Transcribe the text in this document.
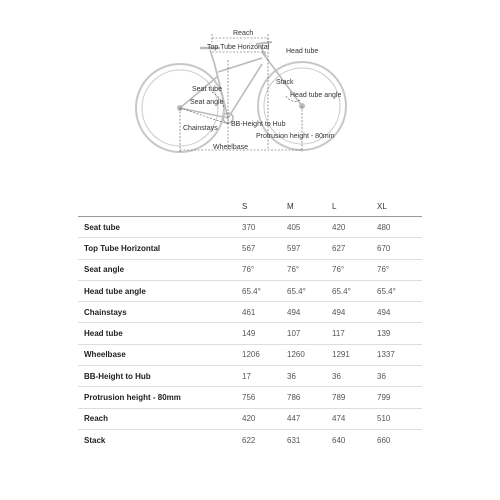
Reach
Top Tube Horizontal
Head tube
Stack
Seat tube
Seat angle
Head tube angle
Chainstays
BB-Height to Hub
Protrusion height - 80mm
Wheelbase
	S	M	L	XL
Seat tube	370	405	420	480
Top Tube Horizontal	567	597	627	670
Seat angle	76°	76°	76°	76°
Head tube angle	65.4°	65.4°	65.4°	65.4°
Chainstays	461	494	494	494
Head tube	149	107	117	139
Wheelbase	1206	1260	1291	1337
BB-Height to Hub	17	36	36	36
Protrusion height - 80mm	756	786	789	799
Reach	420	447	474	510
Stack	622	631	640	660
